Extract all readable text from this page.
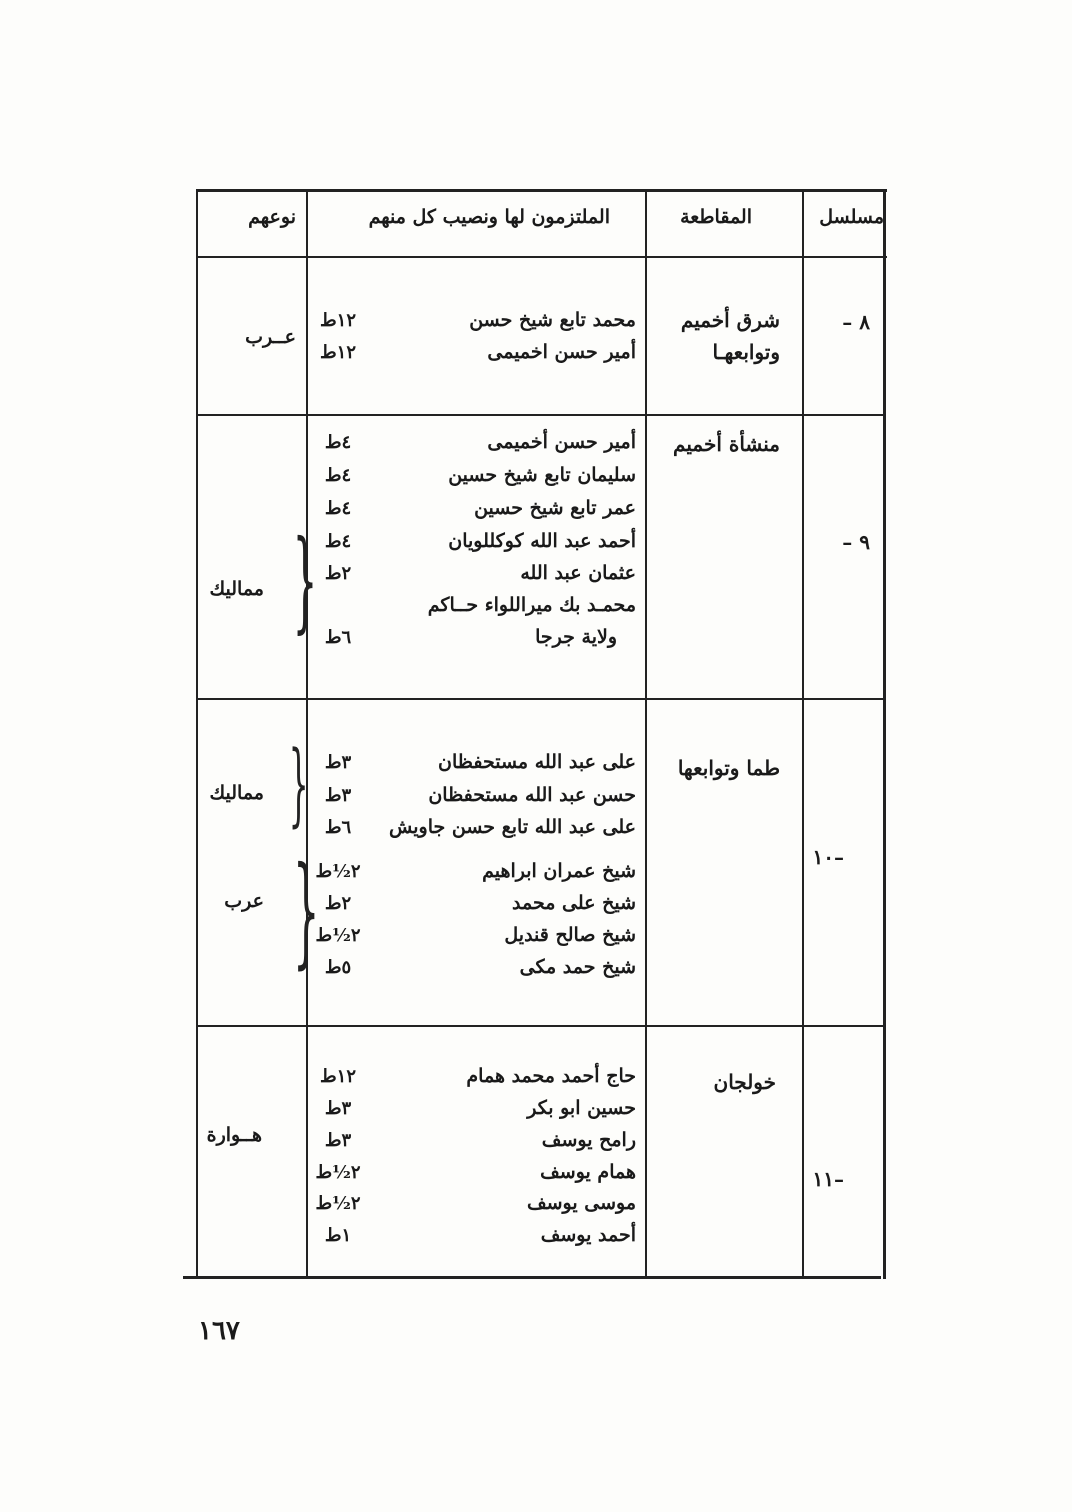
مسلسل
المقاطعة
الملتزمون لها ونصيب كل منهم
نوعهم
٨ –
شرق أخميم
وتوابعهـا
محمد تابع شيخ حسن
١٢ط
أمير حسن اخميمى
١٢ط
عــرب
٩ –
منشأة أخميم
أمير حسن أخميمى
٤ط
سليمان تابع شيخ حسين
٤ط
عمر تابع شيخ حسين
٤ط
أحمد عبد الله كوكللويان
٤ط
عثمان عبد الله
٢ط
محمـد بك ميراللواء حــاكم
ولاية جرجا
٦ط
}
مماليك
–١٠
طما وتوابعها
على عبد الله مستحفظان
٣ط
حسن عبد الله مستحفظان
٣ط
على عبد الله تابع حسن جاويش
٦ط
شيخ عمران ابراهيم
٢½ط
شيخ على محمد
٢ط
شيخ صالح قنديل
٢½ط
شيخ حمد مكى
٥ط
}
مماليك
}
عرب
–١١
خولجان
حاج أحمد محمد همام
١٢ط
حسين ابو بكر
٣ط
رامح يوسف
٣ط
همام يوسف
٢½ط
موسى يوسف
٢½ط
أحمد يوسف
١ط
هــوارة
١٦٧
